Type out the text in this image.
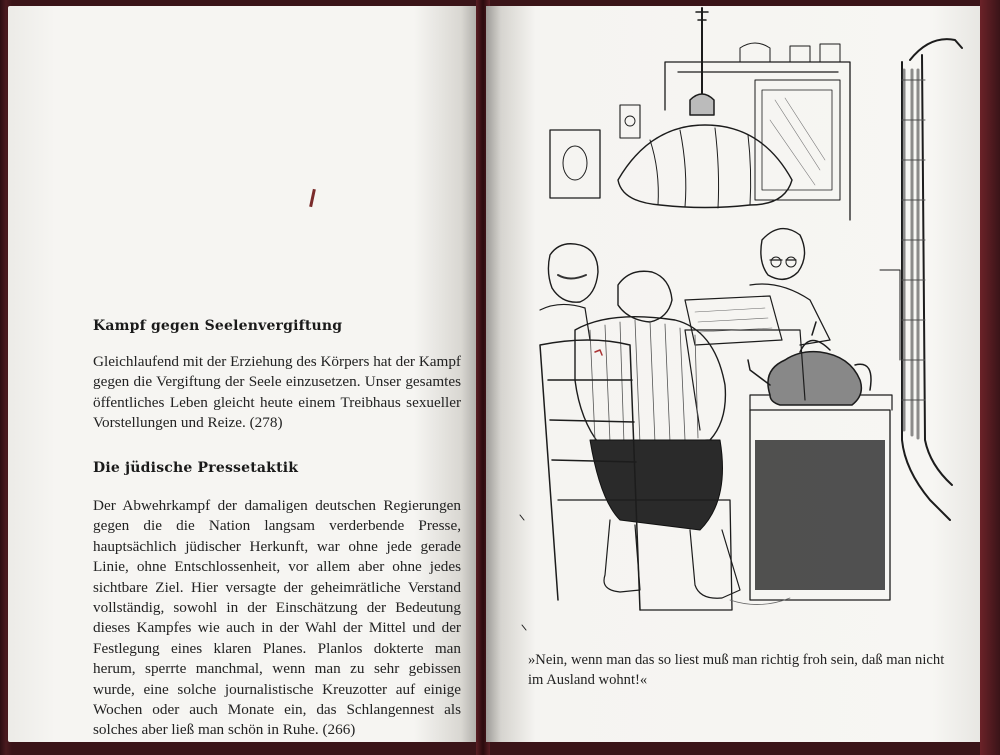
Kampf gegen Seelenvergiftung
Gleichlaufend mit der Erziehung des Körpers hat der Kampf gegen die Vergiftung der Seele einzusetzen. Unser gesamtes öffentliches Leben gleicht heute einem Treibhaus sexueller Vorstellungen und Reize. (278)
Die jüdische Pressetaktik
Der Abwehrkampf der damaligen deutschen Regierungen gegen die die Nation langsam verderbende Presse, hauptsächlich jüdischer Herkunft, war ohne jede gerade Linie, ohne Entschlossenheit, vor allem aber ohne jedes sichtbare Ziel. Hier versagte der geheimrätliche Verstand vollständig, sowohl in der Einschätzung der Bedeutung dieses Kampfes wie auch in der Wahl der Mittel und der Festlegung eines klaren Planes. Planlos dokterte man herum, sperrte manchmal, wenn man zu sehr gebissen wurde, eine solche journalistische Kreuzotter auf einige Wochen oder auch Monate ein, das Schlangennest als solches aber ließ man schön in Ruhe. (266)
»Nein, wenn man das so liest muß man richtig froh sein, daß man nicht im Ausland wohnt!«
